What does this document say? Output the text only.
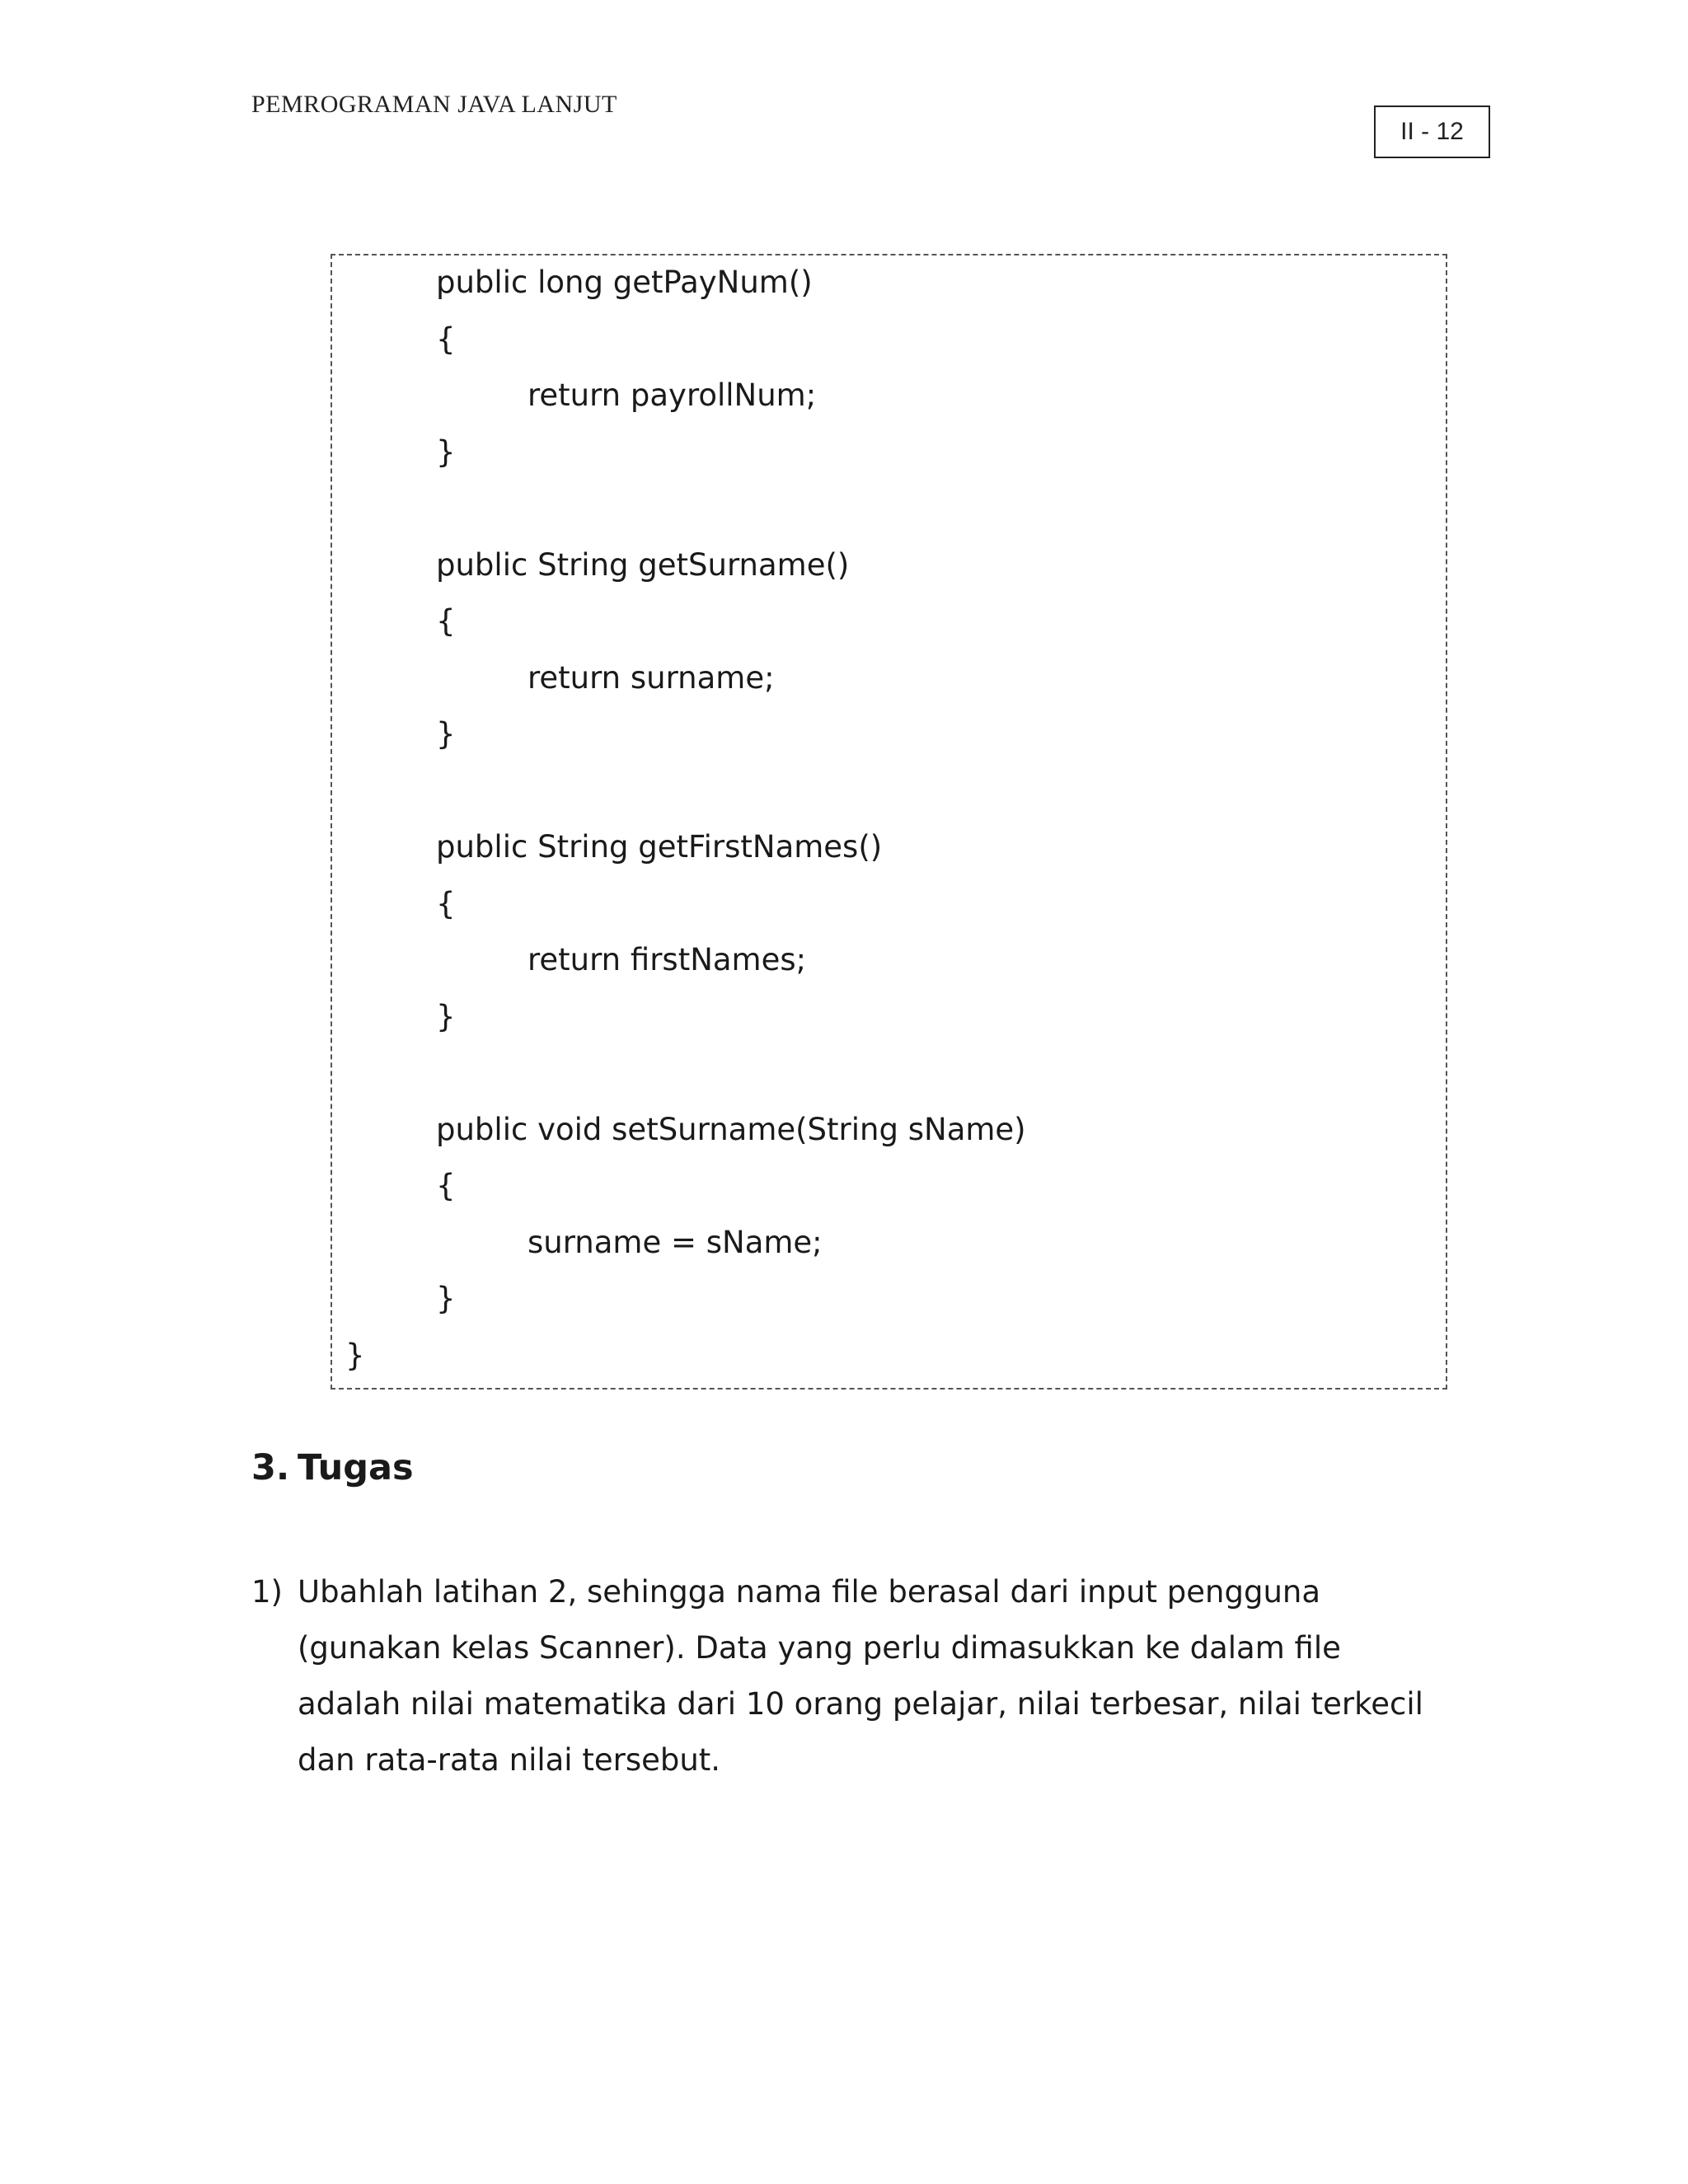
PEMROGRAMAN JAVA LANJUT
II - 12
public long getPayNum()
{
return payrollNum;
}
public String getSurname()
{
return surname;
}
public String getFirstNames()
{
return firstNames;
}
public void setSurname(String sName)
{
surname = sName;
}
}
3. Tugas
1) Ubahlah latihan 2, sehingga nama file berasal dari input pengguna
(gunakan kelas Scanner). Data yang perlu dimasukkan ke dalam file
adalah nilai matematika dari 10 orang pelajar, nilai terbesar, nilai terkecil
dan rata-rata nilai tersebut.
